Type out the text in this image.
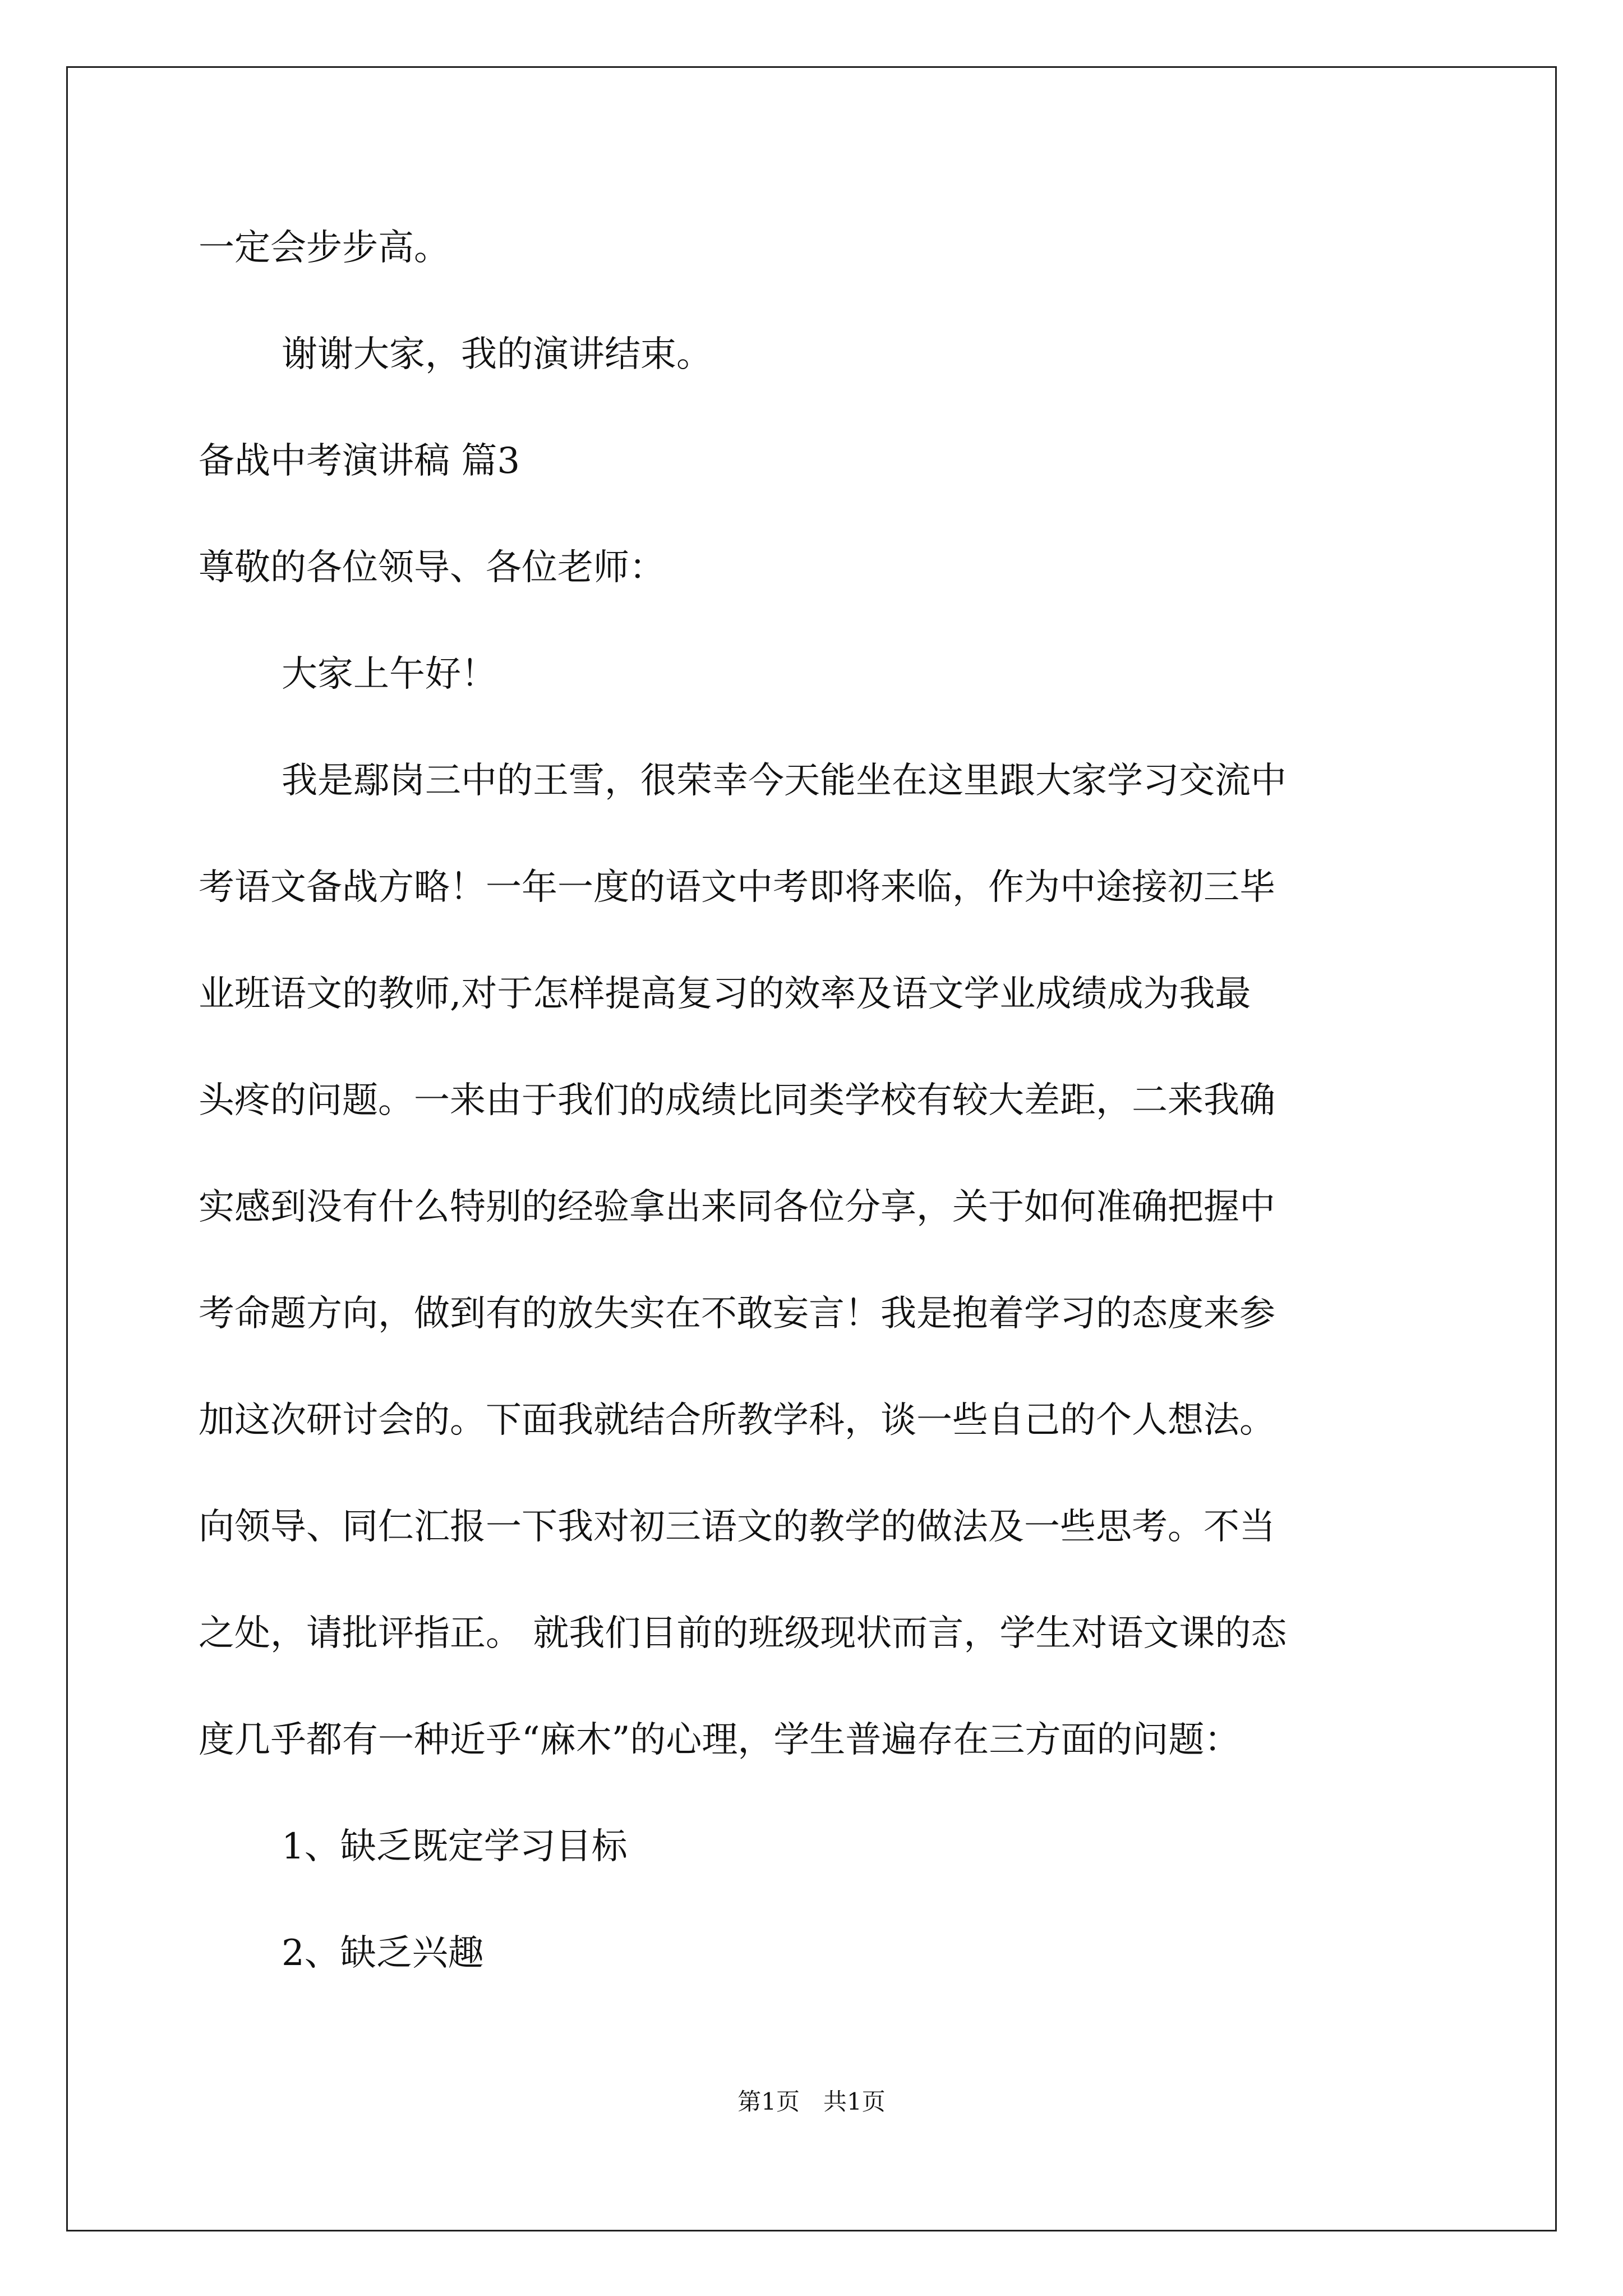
一定会步步高。

谢谢大家，我的演讲结束。

备战中考演讲稿 篇3

尊敬的各位领导、各位老师：

大家上午好！

我是鄢岗三中的王雪，很荣幸今天能坐在这里跟大家学习交流中

考语文备战方略！一年一度的语文中考即将来临，作为中途接初三毕

业班语文的教师,对于怎样提高复习的效率及语文学业成绩成为我最

头疼的问题。一来由于我们的成绩比同类学校有较大差距，二来我确

实感到没有什么特别的经验拿出来同各位分享，关于如何准确把握中

考命题方向，做到有的放失实在不敢妄言！我是抱着学习的态度来参

加这次研讨会的。下面我就结合所教学科，谈一些自己的个人想法。

向领导、同仁汇报一下我对初三语文的教学的做法及一些思考。不当

之处，请批评指正。 就我们目前的班级现状而言，学生对语文课的态

度几乎都有一种近乎“麻木”的心理，学生普遍存在三方面的问题：

1、缺乏既定学习目标

2、缺乏兴趣

第1页　共1页
